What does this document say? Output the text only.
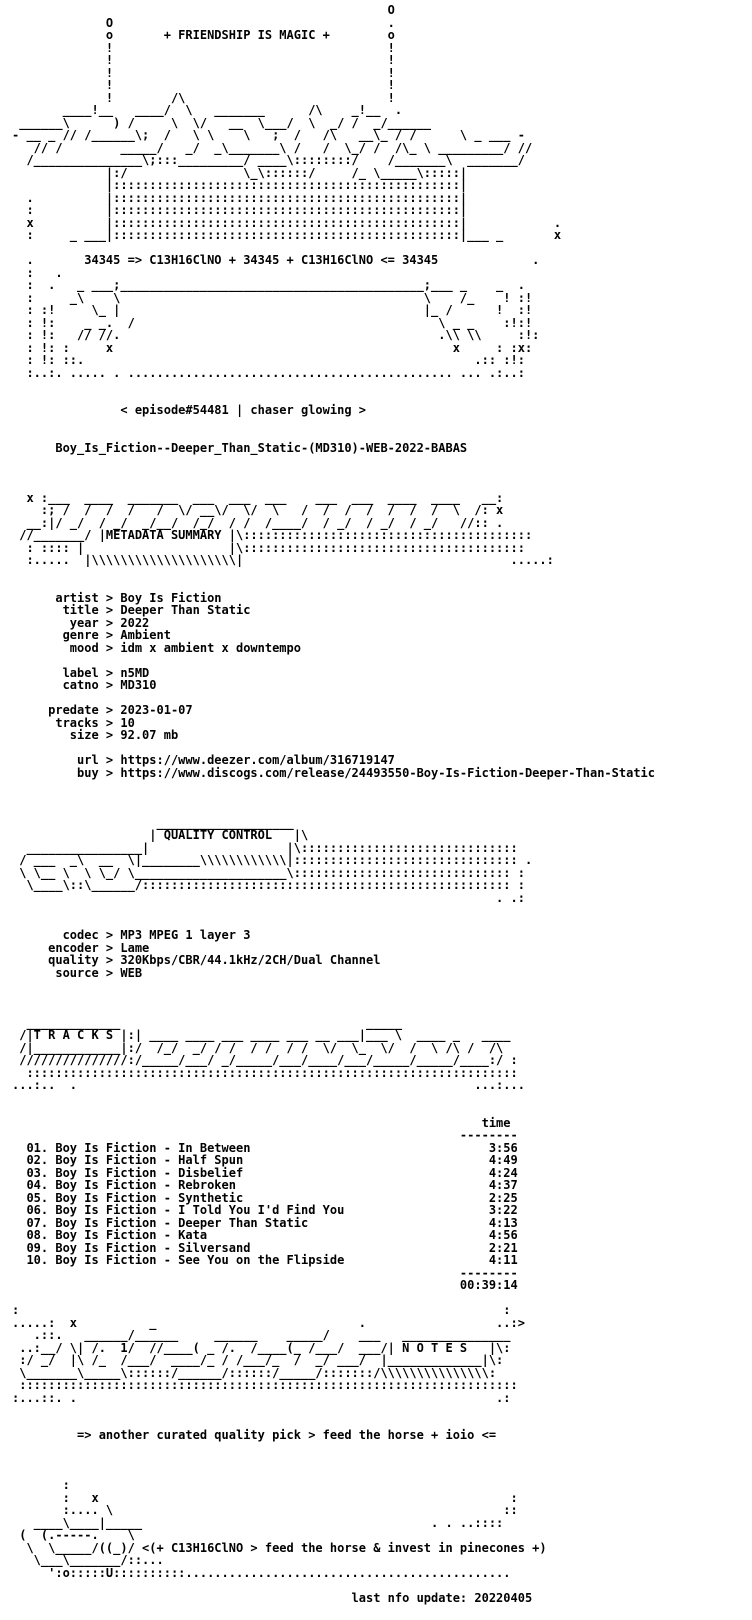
O
O                                      .
o       + FRIENDSHIP IS MAGIC +        o
!                                      !
!                                      !
!                                      !
!                                      !
!        /\                            !
____!__   ____/  \   _______      /\    _!__  .
______\      ) /     \  \/   __  \___/  \  _/ /  _/______
- __ _ // /______\;  /   \ \    \   ;  /   /\   __\_ / /      \ _ ___ -
// /        _____/   _/  _\_______\ /   /  \_/ /  /\_ \ _________/ //
/_______________\;:::_________/ ____\::::::::/    /_______\  _______/
|:/                \_\::::::/     /_ \_____\:::::|
|::::::::::::::::::::::::::::::::::::::::::::::::|
.          |::::::::::::::::::::::::::::::::::::::::::::::::|
:          |::::::::::::::::::::::::::::::::::::::::::::::::|
x          |::::::::::::::::::::::::::::::::::::::::::::::::|            .
:     _ ___|::::::::::::::::::::::::::::::::::::::::::::::::|___ _       x

.       34345 => C13H16ClNO + 34345 + C13H16ClNO <= 34345             .
:   .
:  .   _ ___;__________________________________________;___ _    _  .
:     _\    \                                          \    /_    ! :!
: :!     \_ |                                          |_ /      !  :!
: !:    _ _.  /                                          \ _ _    :!:!
: !:   // //.                                            .\\ \\     :!:
: !: :     x                                               x     : :x:
: !: ::.                                                      .:: :!:
:..:. ..... . ............................................. ... .:..:

< episode#54481 | chaser glowing >

Boy_Is_Fiction--Deeper_Than_Static-(MD310)-WEB-2022-BABAS

x :___  ____  _______  ___  ___  ___    ___  ___  ____  ____   __:
:; /  /  /  /   /  \/ __\/  \/  \   /  /  /  /  /  /  /  \  /: x
__:|/ _/  / _/  _/__/  /_/  / /  /____/  / _/  / _/  / _/   //:: .
//_______/ |METADATA SUMMARY |\::::::::::::::::::::::::::::::::::::::::
: :::: |                    |\:::::::::::::::::::::::::::::::::::::::
:.....  |\\\\\\\\\\\\\\\\\\\\|                                     .....:

artist > Boy Is Fiction
title > Deeper Than Static
year > 2022
genre > Ambient
mood > idm x ambient x downtempo

label > n5MD
catno > MD310

predate > 2023-01-07
tracks > 10
size > 92.07 mb

url > https://www.deezer.com/album/316719147
buy > https://www.discogs.com/release/24493550-Boy-Is-Fiction-Deeper-Than-Static

___________________
| QUALITY CONTROL   |\
________________|                   |\::::::::::::::::::::::::::::::
/ ___  _\  __  \|________\\\\\\\\\\\\|::::::::::::::::::::::::::::::: .
\ \__ \  \ \_/ \_____________________\:::::::::::::::::::::::::::::: :
\____\::\______/::::::::::::::::::::::::::::::::::::::::::::::::::: :
. .:

codec > MP3 MPEG 1 layer 3
encoder > Lame
quality > 320Kbps/CBR/44.1kHz/2CH/Dual Channel
source > WEB

_____________                                  _____
/|T R A C K S |:| ____ ____ ___ ____ ___ __ ___|___ \  ____ _   ____
/|____________|:/  /_/  _/ / /  / /  / /  \/  \_  \/  /  \ /\ /  /\
///////////////:/_____/___/ _/_____/___/____/___/_____/_____/____:/ :
::::::::::::::::::::::::::::::::::::::::::::::::::::::::::::::::::::
...:..  .                                                       ...:...

time
--------
01. Boy Is Fiction - In Between                                 3:56
02. Boy Is Fiction - Half Spun                                  4:49
03. Boy Is Fiction - Disbelief                                  4:24
04. Boy Is Fiction - Rebroken                                   4:37
05. Boy Is Fiction - Synthetic                                  2:25
06. Boy Is Fiction - I Told You I'd Find You                    3:22
07. Boy Is Fiction - Deeper Than Static                         4:13
08. Boy Is Fiction - Kata                                       4:56
09. Boy Is Fiction - Silversand                                 2:21
10. Boy Is Fiction - See You on the Flipside                    4:11
--------
00:39:14

:                                                                   :
.....:  x          _                            .                  ..:>
.::.   ______/______     ______    _____/    ___   _______________
..:__/ \| /.  1/  //____( _ /.  /____(_ /___/  ___/| N O T E S   |\:
:/ _/  |\ /_  /___/  ____/_ / /___/_  /  _/ ___/  |_____________|\:
\_______\_____\::::::/______/::::::/_____/:::::::/\\\\\\\\\\\\\\\:
:::::::::::::::::::::::::::::::::::::::::::::::::::::::::::::::::::::
:...::. .                                                          .:

=> another curated quality pick > feed the horse + ioio <=

:
:   x                                                         :
:.... \                                                      ::
____\____|_____                                        . . ..::::
(  (.-----.    \
\  \_____/((_)/ <(+ C13H16ClNO > feed the horse & invest in pinecones +)
\___\_______/::...
':o:::::U::::::::::.............................................

last nfo update: 20220405
